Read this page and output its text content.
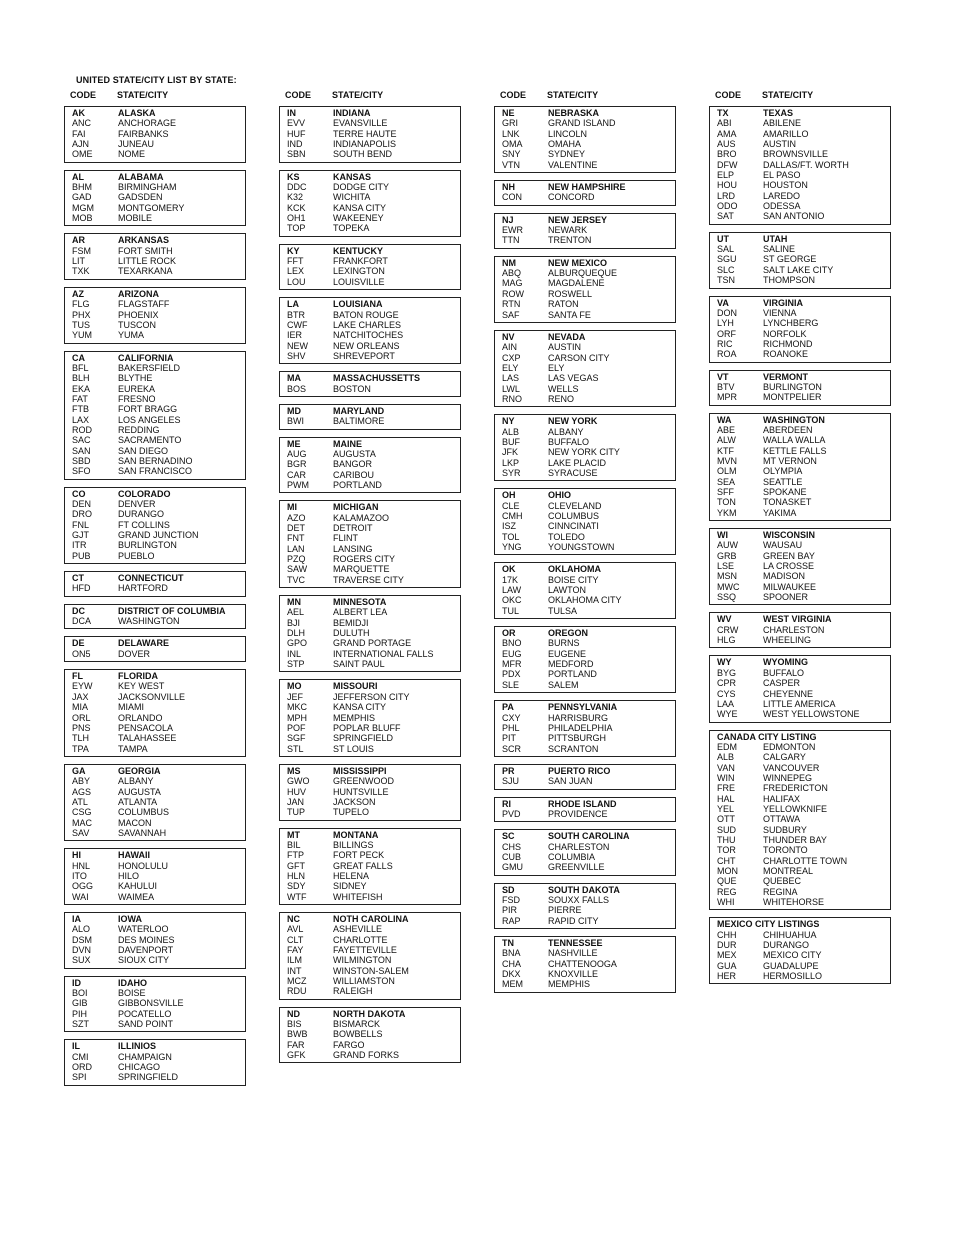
UNITED STATE/CITY LIST BY STATE:
CODE	STATE/CITY
AK	ALASKA
ANC	ANCHORAGE
FAI	FAIRBANKS
AJN	JUNEAU
OME	NOME
AL	ALABAMA
BHM	BIRMINGHAM
GAD	GADSDEN
MGM	MONTGOMERY
MOB	MOBILE
AR	ARKANSAS
FSM	FORT SMITH
LIT	LITTLE ROCK
TXK	TEXARKANA
AZ	ARIZONA
FLG	FLAGSTAFF
PHX	PHOENIX
TUS	TUSCON
YUM	YUMA
CA	CALIFORNIA
BFL	BAKERSFIELD
BLH	BLYTHE
EKA	EUREKA
FAT	FRESNO
FTB	FORT BRAGG
LAX	LOS ANGELES
ROD	REDDING
SAC	SACRAMENTO
SAN	SAN DIEGO
SBD	SAN BERNADINO
SFO	SAN FRANCISCO
CO	COLORADO
DEN	DENVER
DRO	DURANGO
FNL	FT COLLINS
GJT	GRAND JUNCTION
ITR	BURLINGTON
PUB	PUEBLO
CT	CONNECTICUT
HFD	HARTFORD
DC	DISTRICT OF COLUMBIA
DCA	WASHINGTON
DE	DELAWARE
ON5	DOVER
FL	FLORIDA
EYW	KEY WEST
JAX	JACKSONVILLE
MIA	MIAMI
ORL	ORLANDO
PNS	PENSACOLA
TLH	TALAHASSEE
TPA	TAMPA
GA	GEORGIA
ABY	ALBANY
AGS	AUGUSTA
ATL	ATLANTA
CSG	COLUMBUS
MAC	MACON
SAV	SAVANNAH
HI	HAWAII
HNL	HONOLULU
ITO	HILO
OGG	KAHULUI
WAI	WAIMEA
IA	IOWA
ALO	WATERLOO
DSM	DES MOINES
DVN	DAVENPORT
SUX	SIOUX CITY
ID	IDAHO
BOI	BOISE
GIB	GIBBONSVILLE
PIH	POCATELLO
SZT	SAND POINT
IL	ILLINIOS
CMI	CHAMPAIGN
ORD	CHICAGO
SPI	SPRINGFIELD
CODE	STATE/CITY
IN	INDIANA
EVV	EVANSVILLE
HUF	TERRE HAUTE
IND	INDIANAPOLIS
SBN	SOUTH BEND
KS	KANSAS
DDC	DODGE CITY
K32	WICHITA
KCK	KANSA CITY
OH1	WAKEENEY
TOP	TOPEKA
KY	KENTUCKY
FFT	FRANKFORT
LEX	LEXINGTON
LOU	LOUISVILLE
LA	LOUISIANA
BTR	BATON ROUGE
CWF	LAKE CHARLES
IER	NATCHITOCHES
NEW	NEW ORLEANS
SHV	SHREVEPORT
MA	MASSACHUSSETTS
BOS	BOSTON
MD	MARYLAND
BWI	BALTIMORE
ME	MAINE
AUG	AUGUSTA
BGR	BANGOR
CAR	CARIBOU
PWM	PORTLAND
MI	MICHIGAN
AZO	KALAMAZOO
DET	DETROIT
FNT	FLINT
LAN	LANSING
PZQ	ROGERS CITY
SAW	MARQUETTE
TVC	TRAVERSE CITY
MN	MINNESOTA
AEL	ALBERT LEA
BJI	BEMIDJI
DLH	DULUTH
GPO	GRAND PORTAGE
INL	INTERNATIONAL FALLS
STP	SAINT PAUL
MO	MISSOURI
JEF	JEFFERSON CITY
MKC	KANSA CITY
MPH	MEMPHIS
POF	POPLAR BLUFF
SGF	SPRINGFIELD
STL	ST LOUIS
MS	MISSISSIPPI
GWO	GREENWOOD
HUV	HUNTSVILLE
JAN	JACKSON
TUP	TUPELO
MT	MONTANA
BIL	BILLINGS
FTP	FORT PECK
GFT	GREAT FALLS
HLN	HELENA
SDY	SIDNEY
WTF	WHITEFISH
NC	NOTH CAROLINA
AVL	ASHEVILLE
CLT	CHARLOTTE
FAY	FAYETTEVILLE
ILM	WILMINGTON
INT	WINSTON-SALEM
MCZ	WILLIAMSTON
RDU	RALEIGH
ND	NORTH DAKOTA
BIS	BISMARCK
BWB	BOWBELLS
FAR	FARGO
GFK	GRAND FORKS
CODE	STATE/CITY
NE	NEBRASKA
GRI	GRAND ISLAND
LNK	LINCOLN
OMA	OMAHA
SNY	SYDNEY
VTN	VALENTINE
NH	NEW HAMPSHIRE
CON	CONCORD
NJ	NEW JERSEY
EWR	NEWARK
TTN	TRENTON
NM	NEW MEXICO
ABQ	ALBURQUEQUE
MAG	MAGDALENE
ROW	ROSWELL
RTN	RATON
SAF	SANTA FE
NV	NEVADA
AIN	AUSTIN
CXP	CARSON CITY
ELY	ELY
LAS	LAS VEGAS
LWL	WELLS
RNO	RENO
NY	NEW YORK
ALB	ALBANY
BUF	BUFFALO
JFK	NEW YORK CITY
LKP	LAKE PLACID
SYR	SYRACUSE
OH	OHIO
CLE	CLEVELAND
CMH	COLUMBUS
ISZ	CINNCINATI
TOL	TOLEDO
YNG	YOUNGSTOWN
OK	OKLAHOMA
17K	BOISE CITY
LAW	LAWTON
OKC	OKLAHOMA CITY
TUL	TULSA
OR	OREGON
BNO	BURNS
EUG	EUGENE
MFR	MEDFORD
PDX	PORTLAND
SLE	SALEM
PA	PENNSYLVANIA
CXY	HARRISBURG
PHL	PHILADELPHIA
PIT	PITTSBURGH
SCR	SCRANTON
PR	PUERTO RICO
SJU	SAN JUAN
RI	RHODE ISLAND
PVD	PROVIDENCE
SC	SOUTH CAROLINA
CHS	CHARLESTON
CUB	COLUMBIA
GMU	GREENVILLE
SD	SOUTH DAKOTA
FSD	SOUXX FALLS
PIR	PIERRE
RAP	RAPID CITY
TN	TENNESSEE
BNA	NASHVILLE
CHA	CHATTENOOGA
DKX	KNOXVILLE
MEM	MEMPHIS
CODE	STATE/CITY
TX	TEXAS
ABI	ABILENE
AMA	AMARILLO
AUS	AUSTIN
BRO	BROWNSVILLE
DFW	DALLAS/FT. WORTH
ELP	EL PASO
HOU	HOUSTON
LRD	LAREDO
ODO	ODESSA
SAT	SAN ANTONIO
UT	UTAH
SAL	SALINE
SGU	ST GEORGE
SLC	SALT LAKE CITY
TSN	THOMPSON
VA	VIRGINIA
DON	VIENNA
LYH	LYNCHBERG
ORF	NORFOLK
RIC	RICHMOND
ROA	ROANOKE
VT	VERMONT
BTV	BURLINGTON
MPR	MONTPELIER
WA	WASHINGTON
ABE	ABERDEEN
ALW	WALLA WALLA
KTF	KETTLE FALLS
MVN	MT VERNON
OLM	OLYMPIA
SEA	SEATTLE
SFF	SPOKANE
TON	TONASKET
YKM	YAKIMA
WI	WISCONSIN
AUW	WAUSAU
GRB	GREEN BAY
LSE	LA CROSSE
MSN	MADISON
MWC	MILWAUKEE
SSQ	SPOONER
WV	WEST VIRGINIA
CRW	CHARLESTON
HLG	WHEELING
WY	WYOMING
BYG	BUFFALO
CPR	CASPER
CYS	CHEYENNE
LAA	LITTLE AMERICA
WYE	WEST YELLOWSTONE
CANADA CITY LISTING
EDM	EDMONTON
ALB	CALGARY
VAN	VANCOUVER
WIN	WINNEPEG
FRE	FREDERICTON
HAL	HALIFAX
YEL	YELLOWKNIFE
OTT	OTTAWA
SUD	SUDBURY
THU	THUNDER BAY
TOR	TORONTO
CHT	CHARLOTTE TOWN
MON	MONTREAL
QUE	QUEBEC
REG	REGINA
WHI	WHITEHORSE
MEXICO CITY LISTINGS
CHH	CHIHUAHUA
DUR	DURANGO
MEX	MEXICO CITY
GUA	GUADALUPE
HER	HERMOSILLO
